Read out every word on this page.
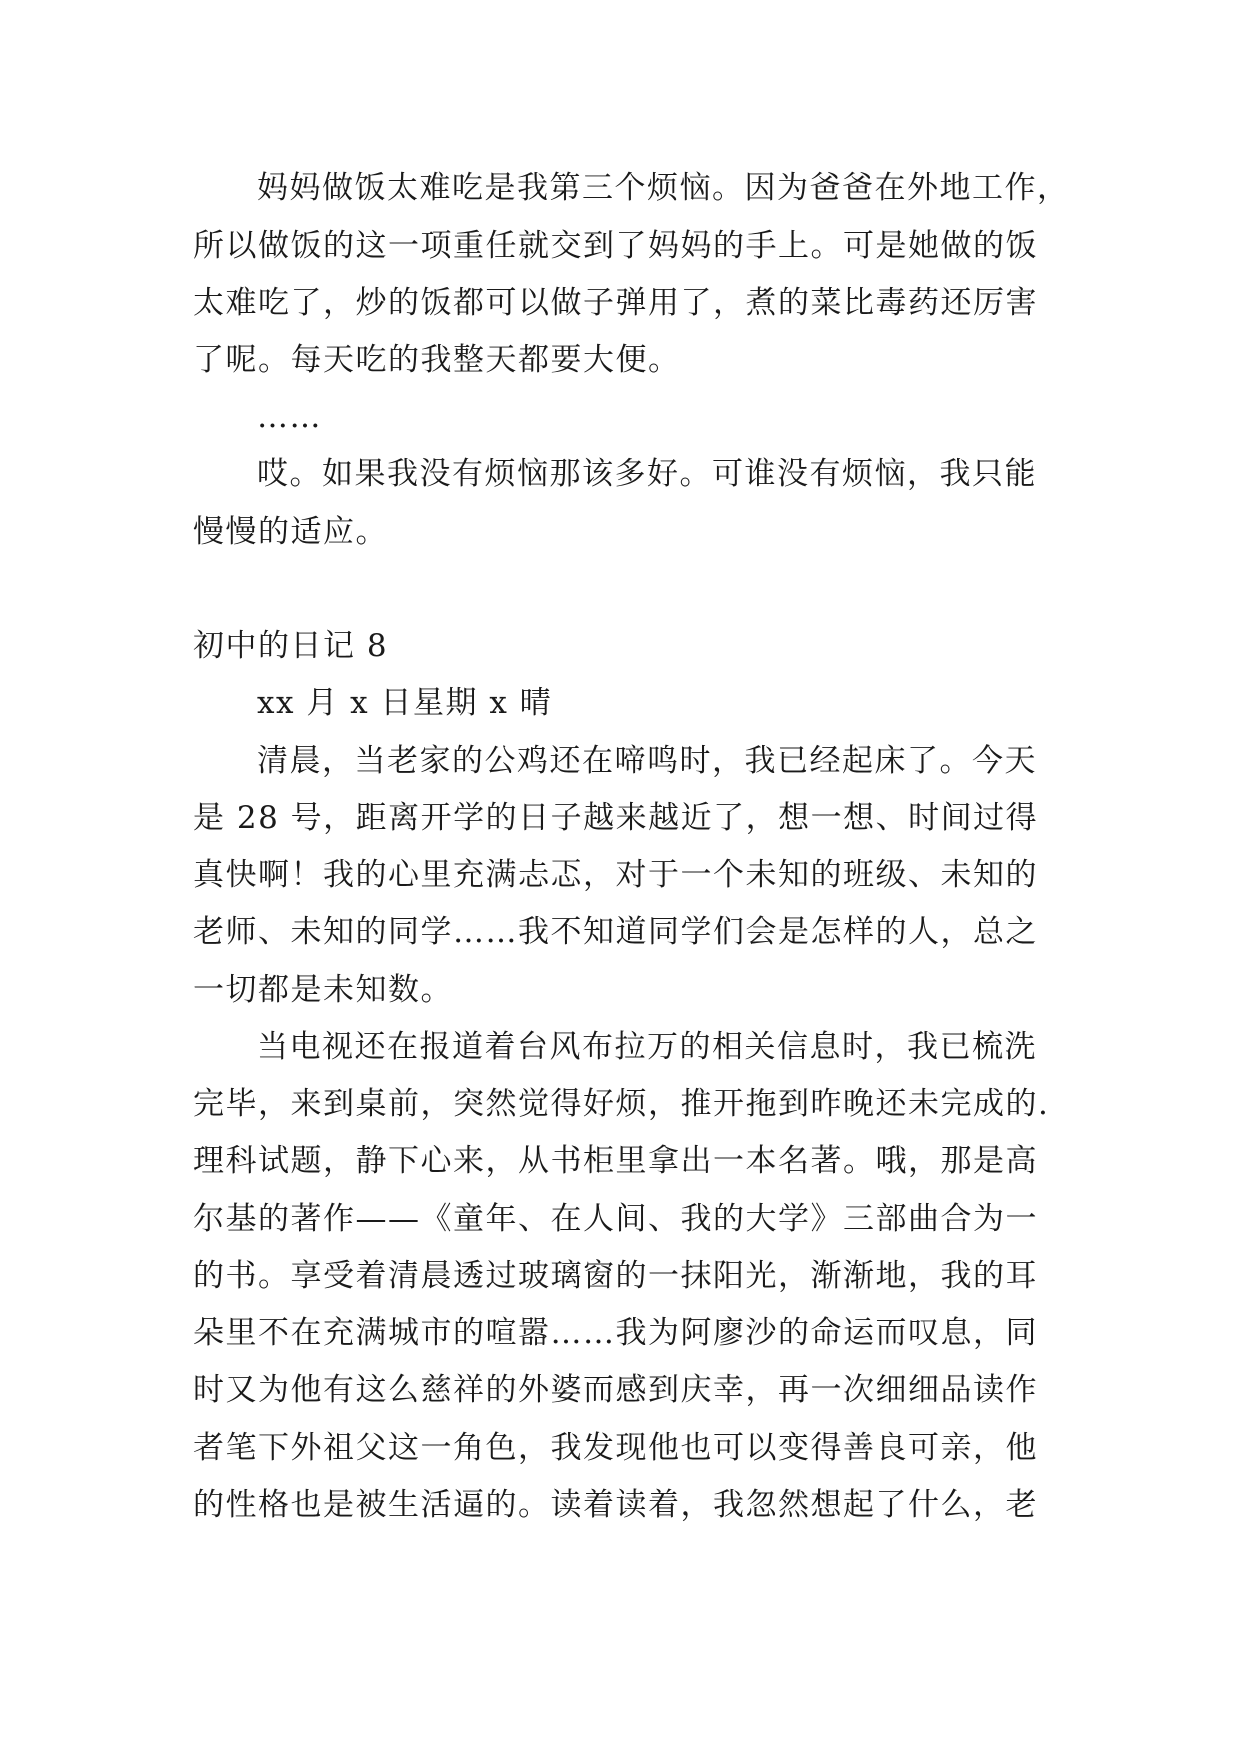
妈妈做饭太难吃是我第三个烦恼。因为爸爸在外地工作，
所以做饭的这一项重任就交到了妈妈的手上。可是她做的饭
太难吃了，炒的饭都可以做子弹用了，煮的菜比毒药还厉害
了呢。每天吃的我整天都要大便。
……
哎。如果我没有烦恼那该多好。可谁没有烦恼，我只能
慢慢的适应。
初中的日记 8
xx 月 x 日星期 x 晴
清晨，当老家的公鸡还在啼鸣时，我已经起床了。今天
是 28 号，距离开学的日子越来越近了，想一想、时间过得
真快啊！我的心里充满忐忑，对于一个未知的班级、未知的
老师、未知的同学……我不知道同学们会是怎样的人，总之
一切都是未知数。
当电视还在报道着台风布拉万的相关信息时，我已梳洗
完毕，来到桌前，突然觉得好烦，推开拖到昨晚还未完成的.
理科试题，静下心来，从书柜里拿出一本名著。哦，那是高
尔基的著作——《童年、在人间、我的大学》三部曲合为一
的书。享受着清晨透过玻璃窗的一抹阳光，渐渐地，我的耳
朵里不在充满城市的喧嚣……我为阿廖沙的命运而叹息，同
时又为他有这么慈祥的外婆而感到庆幸，再一次细细品读作
者笔下外祖父这一角色，我发现他也可以变得善良可亲，他
的性格也是被生活逼的。读着读着，我忽然想起了什么，老
